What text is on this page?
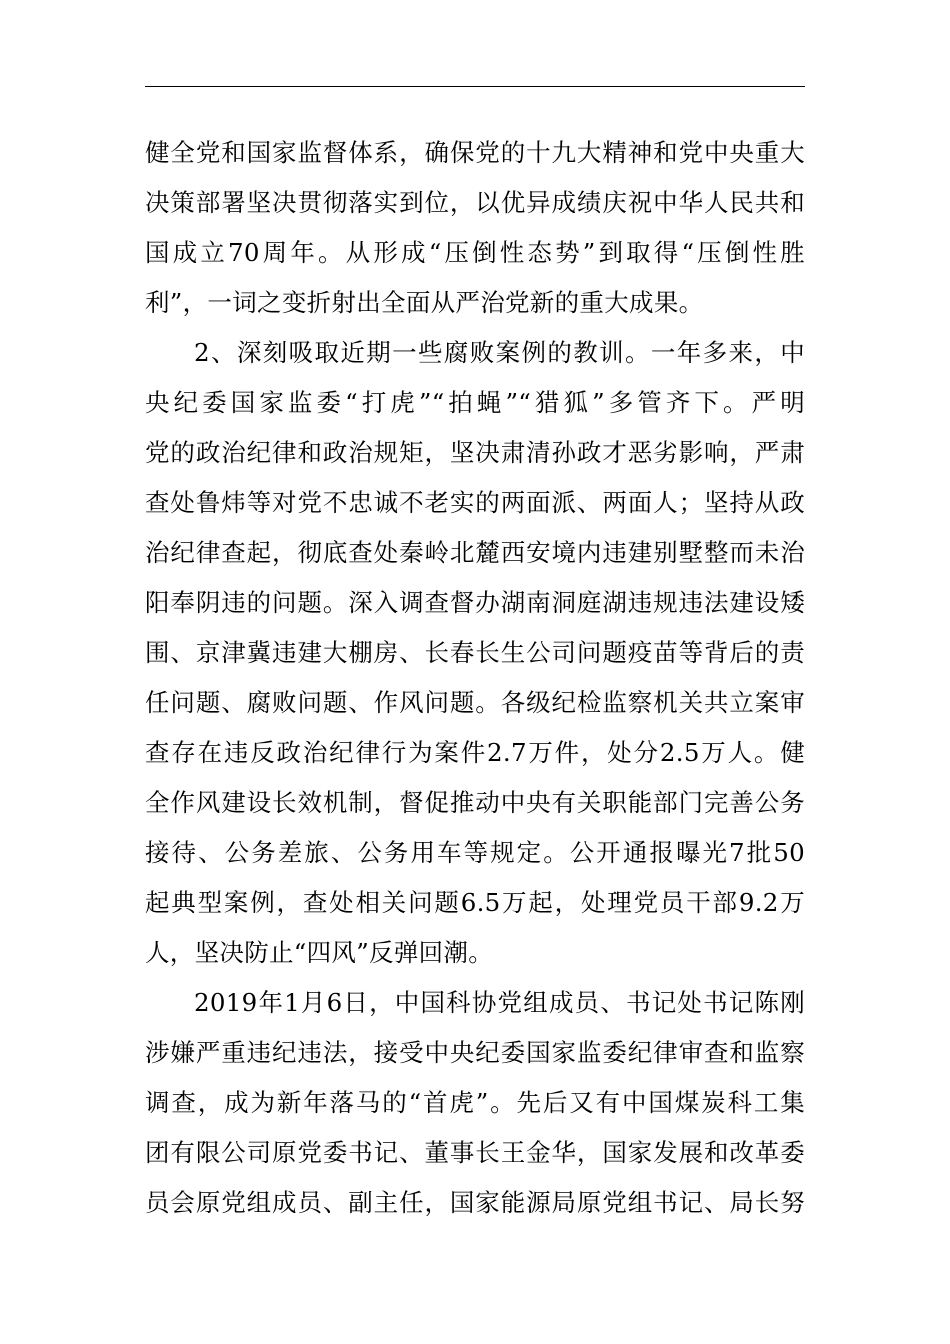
健全党和国家监督体系，确保党的十九大精神和党中央重大
决策部署坚决贯彻落实到位，以优异成绩庆祝中华人民共和
国成立70周年。从形成“压倒性态势”到取得“压倒性胜
利”，一词之变折射出全面从严治党新的重大成果。
2、深刻吸取近期一些腐败案例的教训。一年多来，中
央纪委国家监委“打虎”“拍蝇”“猎狐”多管齐下。严明
党的政治纪律和政治规矩，坚决肃清孙政才恶劣影响，严肃
查处鲁炜等对党不忠诚不老实的两面派、两面人；坚持从政
治纪律查起，彻底查处秦岭北麓西安境内违建别墅整而未治
阳奉阴违的问题。深入调查督办湖南洞庭湖违规违法建设矮
围、京津冀违建大棚房、长春长生公司问题疫苗等背后的责
任问题、腐败问题、作风问题。各级纪检监察机关共立案审
查存在违反政治纪律行为案件2.7万件，处分2.5万人。健
全作风建设长效机制，督促推动中央有关职能部门完善公务
接待、公务差旅、公务用车等规定。公开通报曝光7批50
起典型案例，查处相关问题6.5万起，处理党员干部9.2万
人，坚决防止“四风”反弹回潮。
2019年1月6日，中国科协党组成员、书记处书记陈刚
涉嫌严重违纪违法，接受中央纪委国家监委纪律审查和监察
调查，成为新年落马的“首虎”。先后又有中国煤炭科工集
团有限公司原党委书记、董事长王金华，国家发展和改革委
员会原党组成员、副主任，国家能源局原党组书记、局长努
